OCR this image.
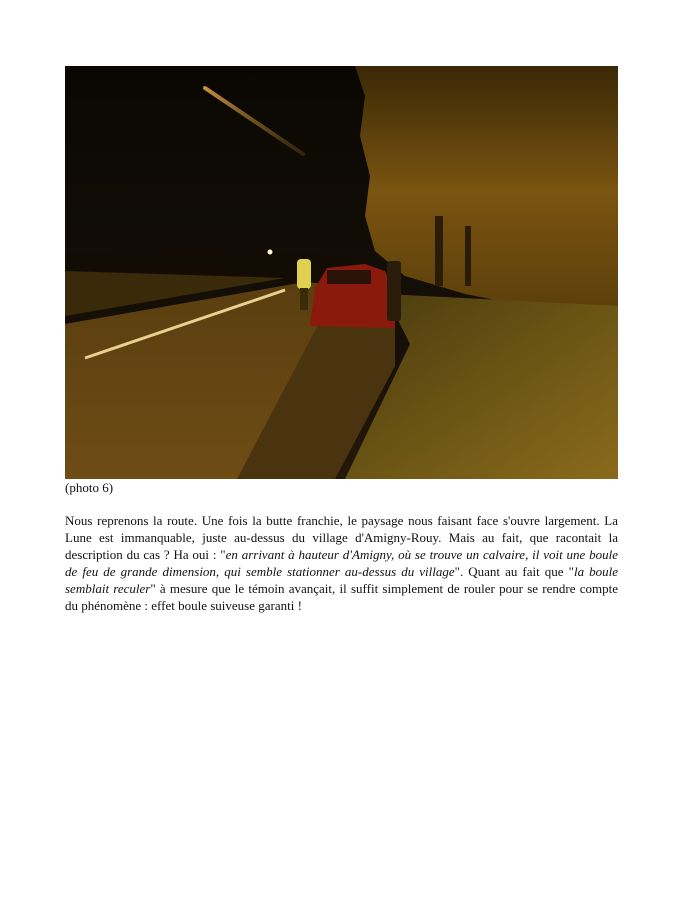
(photo 6)

Nous reprenons la route. Une fois la butte franchie, le paysage nous faisant face s'ouvre largement. La Lune est immanquable, juste au-dessus du village d'Amigny-Rouy. Mais au fait, que racontait la description du cas ? Ha oui : "en arrivant à hauteur d'Amigny, où se trouve un calvaire, il voit une boule de feu de grande dimension, qui semble stationner au-dessus du village". Quant au fait que "la boule semblait reculer" à mesure que le témoin avançait, il suffit simplement de rouler pour se rendre compte du phénomène : effet boule suiveuse garanti !
